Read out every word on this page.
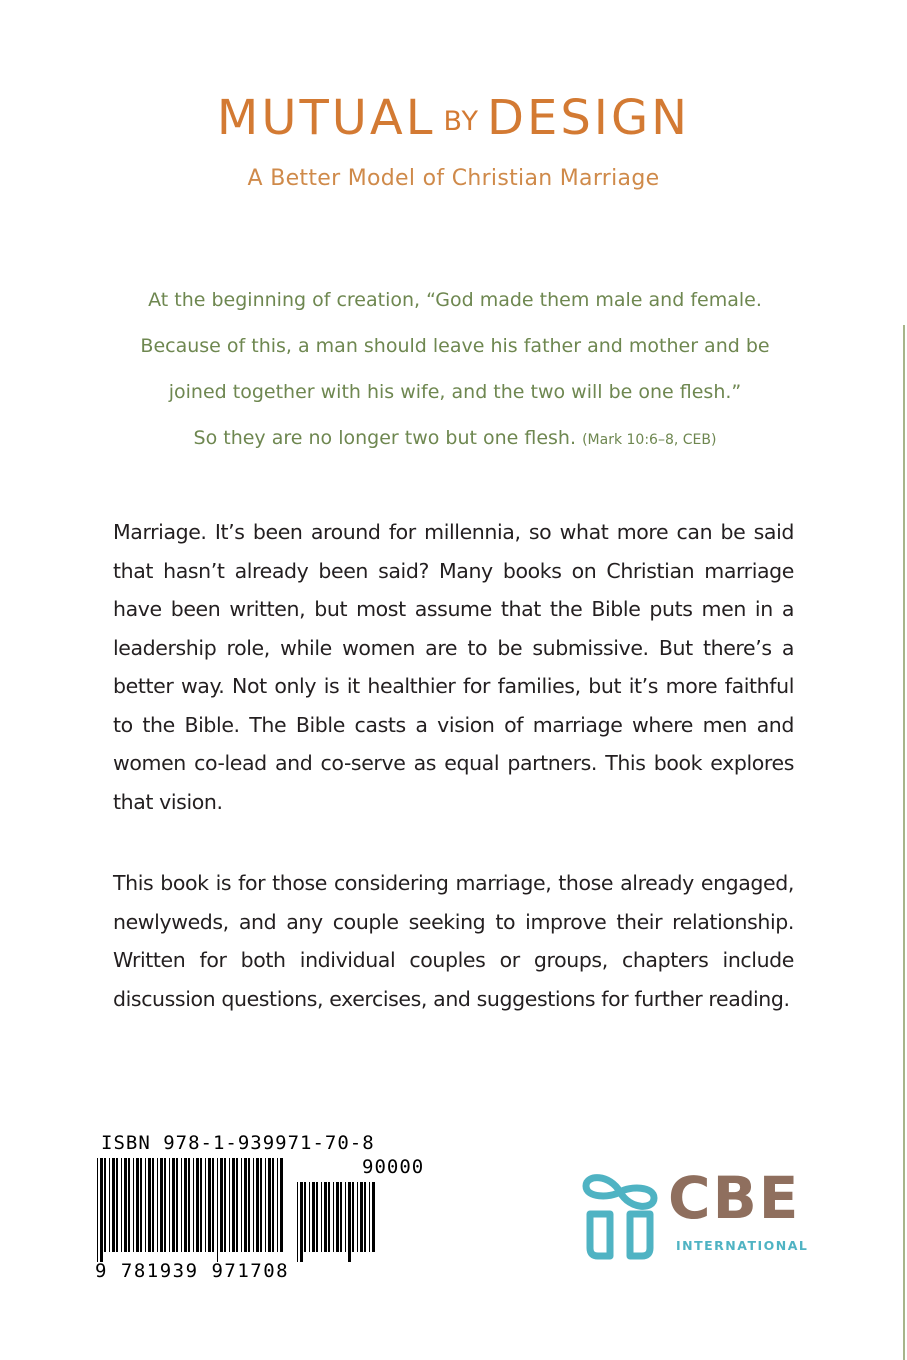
MUTUAL BY DESIGN
A Better Model of Christian Marriage
At the beginning of creation, “God made them male and female.
Because of this, a man should leave his father and mother and be
joined together with his wife, and the two will be one flesh.”
So they are no longer two but one flesh. (Mark 10:6–8, CEB)

Marriage. It’s been around for millennia, so what more can be said that hasn’t already been said? Many books on Christian marriage have been written, but most assume that the Bible puts men in a leadership role, while women are to be submissive. But there’s a better way. Not only is it healthier for families, but it’s more faithful to the Bible. The Bible casts a vision of marriage where men and women co-lead and co-serve as equal partners. This book explores that vision.

This book is for those considering marriage, those already engaged, newlyweds, and any couple seeking to improve their relationship. Written for both individual couples or groups, chapters include discussion questions, exercises, and suggestions for further reading.

ISBN 978-1-939971-70-8
90000
9 781939 971708
CBE
INTERNATIONAL
